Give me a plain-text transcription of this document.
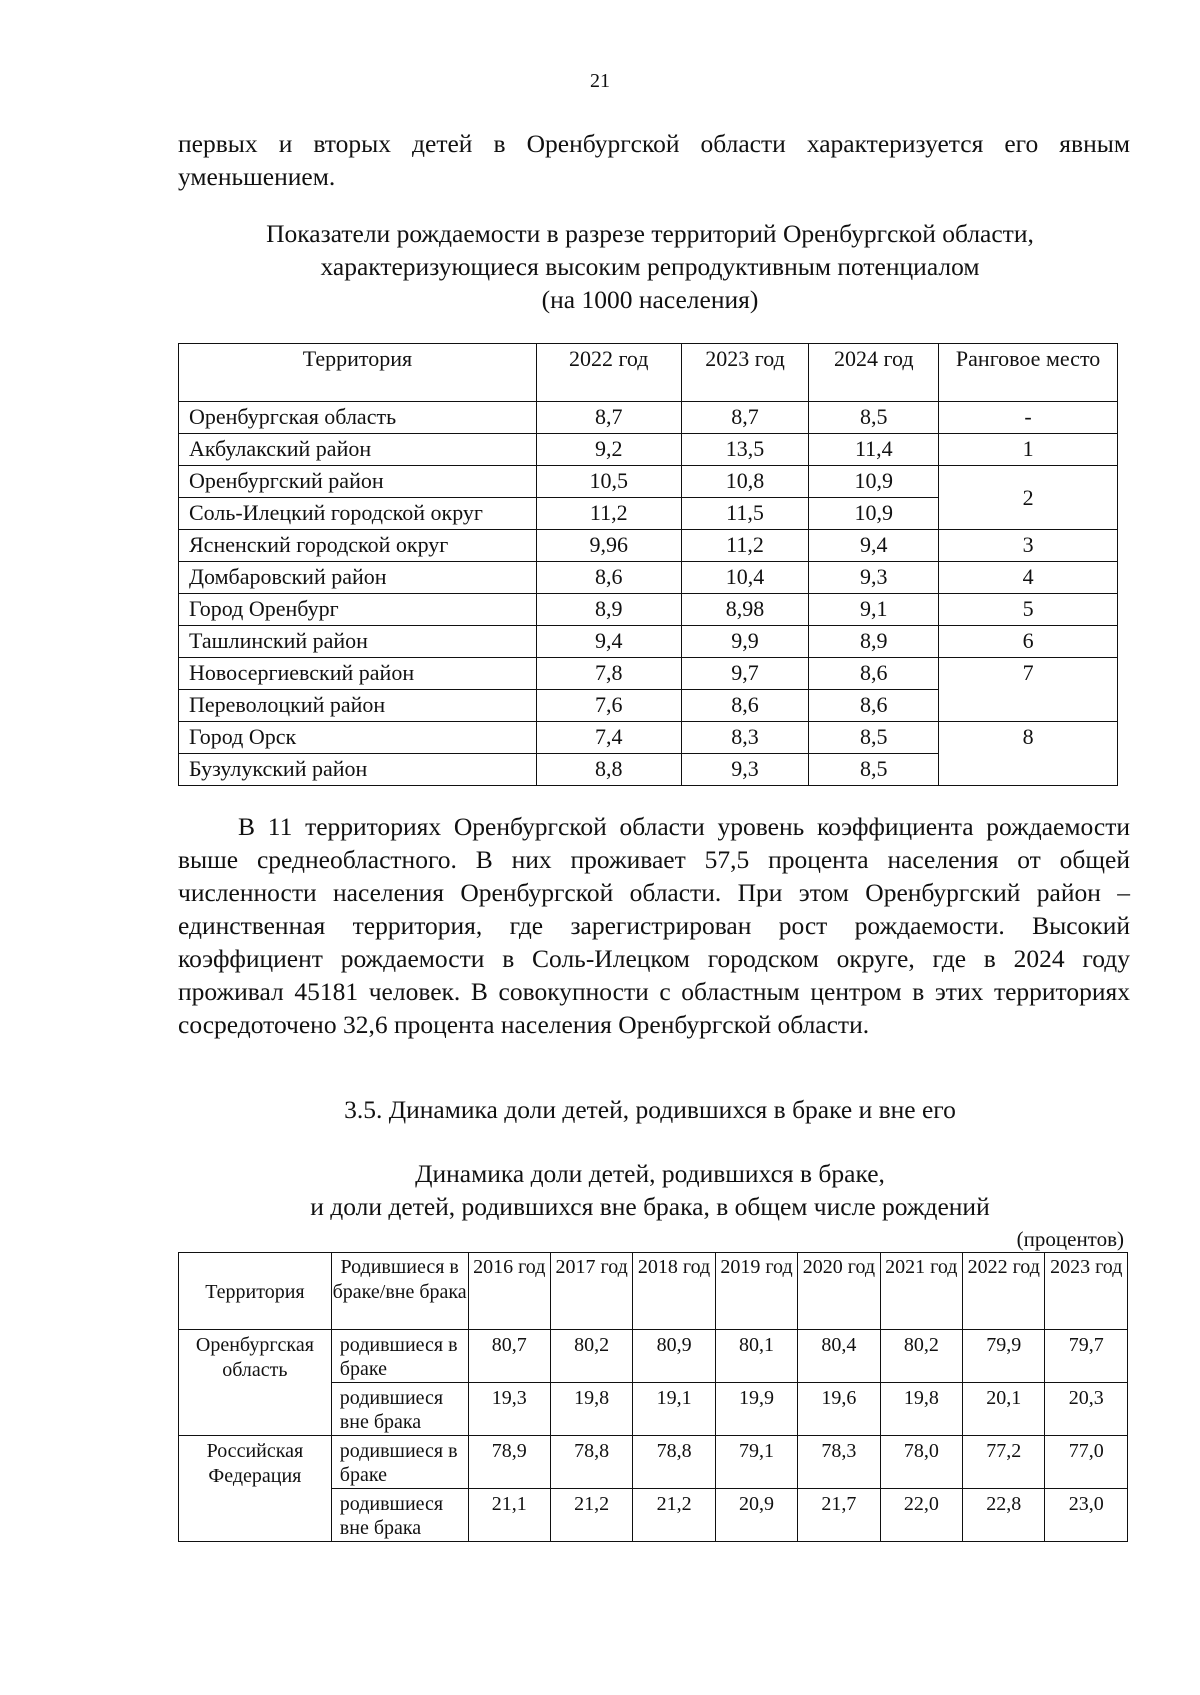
21

первых и вторых детей в Оренбургской области характеризуется его явным уменьшением.

Показатели рождаемости в разрезе территорий Оренбургской области,
характеризующиеся высоким репродуктивным потенциалом
(на 1000 населения)
Территория	2022 год	2023 год	2024 год	Ранговое место
Оренбургская область	8,7	8,7	8,5	-
Акбулакский район	9,2	13,5	11,4	1
Оренбургский район	10,5	10,8	10,9	2
Соль-Илецкий городской округ	11,2	11,5	10,9	
Ясненский городской округ	9,96	11,2	9,4	3
Домбаровский район	8,6	10,4	9,3	4
Город Оренбург	8,9	8,98	9,1	5
Ташлинский район	9,4	9,9	8,9	6
Новосергиевский район	7,8	9,7	8,6	7
Переволоцкий район	7,6	8,6	8,6	
Город Орск	7,4	8,3	8,5	8
Бузулукский район	8,8	9,3	8,5	

В 11 территориях Оренбургской области уровень коэффициента рождаемости выше среднеобластного. В них проживает 57,5 процента населения от общей численности населения Оренбургской области. При этом Оренбургский район – единственная территория, где зарегистрирован рост рождаемости. Высокий коэффициент рождаемости в Соль-Илецком городском округе, где в 2024 году проживал 45181 человек. В совокупности с областным центром в этих территориях сосредоточено 32,6 процента населения Оренбургской области.

3.5. Динамика доли детей, родившихся в браке и вне его
Динамика доли детей, родившихся в браке,
и доли детей, родившихся вне брака, в общем числе рождений
(процентов)
Территория	Родившиеся в браке/вне брака	2016 год	2017 год	2018 год	2019 год	2020 год	2021 год	2022 год	2023 год
Оренбургская область	родившиеся в браке	80,7	80,2	80,9	80,1	80,4	80,2	79,9	79,7
	родившиеся вне брака	19,3	19,8	19,1	19,9	19,6	19,8	20,1	20,3
Российская Федерация	родившиеся в браке	78,9	78,8	78,8	79,1	78,3	78,0	77,2	77,0
	родившиеся вне брака	21,1	21,2	21,2	20,9	21,7	22,0	22,8	23,0
